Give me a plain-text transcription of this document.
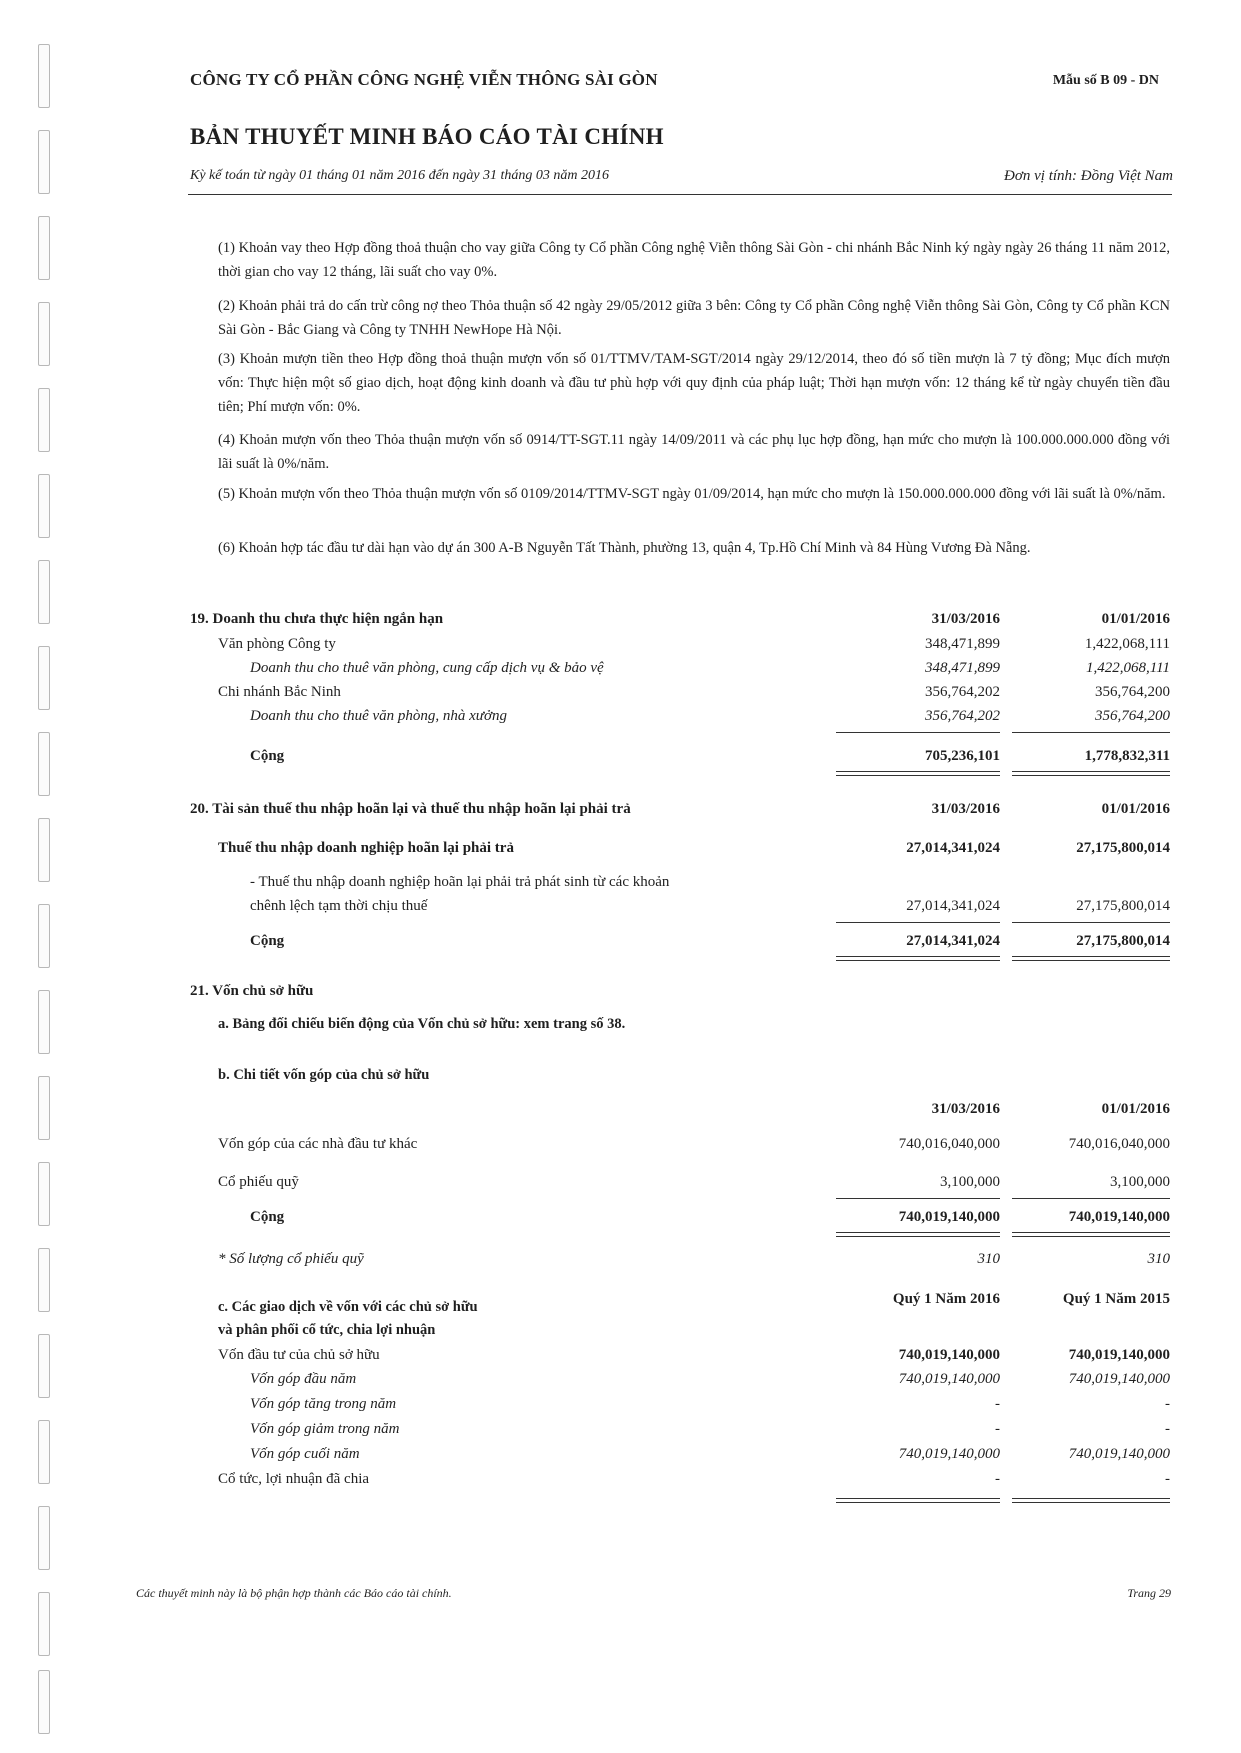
CÔNG TY CỔ PHẦN CÔNG NGHỆ VIỄN THÔNG SÀI GÒN	Mẫu số B 09 - DN
BẢN THUYẾT MINH BÁO CÁO TÀI CHÍNH
Kỳ kế toán từ ngày 01 tháng 01 năm 2016 đến ngày 31 tháng 03 năm 2016	Đơn vị tính: Đồng Việt Nam
(1) Khoản vay theo Hợp đồng thoả thuận cho vay giữa Công ty Cổ phần Công nghệ Viễn thông Sài Gòn - chi nhánh Bắc Ninh ký ngày ngày 26 tháng 11 năm 2012, thời gian cho vay 12 tháng, lãi suất cho vay 0%.
(2) Khoản phải trả do cấn trừ công nợ theo Thỏa thuận số 42 ngày 29/05/2012 giữa 3 bên: Công ty Cổ phần Công nghệ Viễn thông Sài Gòn, Công ty Cổ phần KCN Sài Gòn - Bắc Giang và Công ty TNHH NewHope Hà Nội.
(3) Khoản mượn tiền theo Hợp đồng thoả thuận mượn vốn số 01/TTMV/TAM-SGT/2014 ngày 29/12/2014, theo đó số tiền mượn là 7 tỷ đồng; Mục đích mượn vốn: Thực hiện một số giao dịch, hoạt động kinh doanh và đầu tư phù hợp với quy định của pháp luật; Thời hạn mượn vốn: 12 tháng kể từ ngày chuyển tiền đầu tiên; Phí mượn vốn: 0%.
(4) Khoản mượn vốn theo Thỏa thuận mượn vốn số 0914/TT-SGT.11 ngày 14/09/2011 và các phụ lục hợp đồng, hạn mức cho mượn là 100.000.000.000 đồng với lãi suất là 0%/năm.
(5) Khoản mượn vốn theo Thỏa thuận mượn vốn số 0109/2014/TTMV-SGT ngày 01/09/2014, hạn mức cho mượn là 150.000.000.000 đồng với lãi suất là 0%/năm.
(6) Khoản hợp tác đầu tư dài hạn vào dự án 300 A-B Nguyễn Tất Thành, phường 13, quận 4, Tp.Hồ Chí Minh và 84 Hùng Vương Đà Nẵng.
19. Doanh thu chưa thực hiện ngắn hạn	31/03/2016	01/01/2016
Văn phòng Công ty	348,471,899	1,422,068,111
Doanh thu cho thuê văn phòng, cung cấp dịch vụ & bảo vệ	348,471,899	1,422,068,111
Chi nhánh Bắc Ninh	356,764,202	356,764,200
Doanh thu cho thuê văn phòng, nhà xưởng	356,764,202	356,764,200
Cộng	705,236,101	1,778,832,311
20. Tài sản thuế thu nhập hoãn lại và thuế thu nhập hoãn lại phải trả	31/03/2016	01/01/2016
Thuế thu nhập doanh nghiệp hoãn lại phải trả	27,014,341,024	27,175,800,014
- Thuế thu nhập doanh nghiệp hoãn lại phải trả phát sinh từ các khoản
chênh lệch tạm thời chịu thuế	27,014,341,024	27,175,800,014
Cộng	27,014,341,024	27,175,800,014
21. Vốn chủ sở hữu
a. Bảng đối chiếu biến động của Vốn chủ sở hữu: xem trang số 38.
b. Chi tiết vốn góp của chủ sở hữu
31/03/2016	01/01/2016
Vốn góp của các nhà đầu tư khác	740,016,040,000	740,016,040,000
Cổ phiếu quỹ	3,100,000	3,100,000
Cộng	740,019,140,000	740,019,140,000
* Số lượng cổ phiếu quỹ	310	310
c. Các giao dịch về vốn với các chủ sở hữu
và phân phối cổ tức, chia lợi nhuận
Quý 1 Năm 2016	Quý 1 Năm 2015
Vốn đầu tư của chủ sở hữu	740,019,140,000	740,019,140,000
Vốn góp đầu năm	740,019,140,000	740,019,140,000
Vốn góp tăng trong năm	-	-
Vốn góp giảm trong năm	-	-
Vốn góp cuối năm	740,019,140,000	740,019,140,000
Cổ tức, lợi nhuận đã chia	-	-
Các thuyết minh này là bộ phận hợp thành các Báo cáo tài chính.	Trang 29
